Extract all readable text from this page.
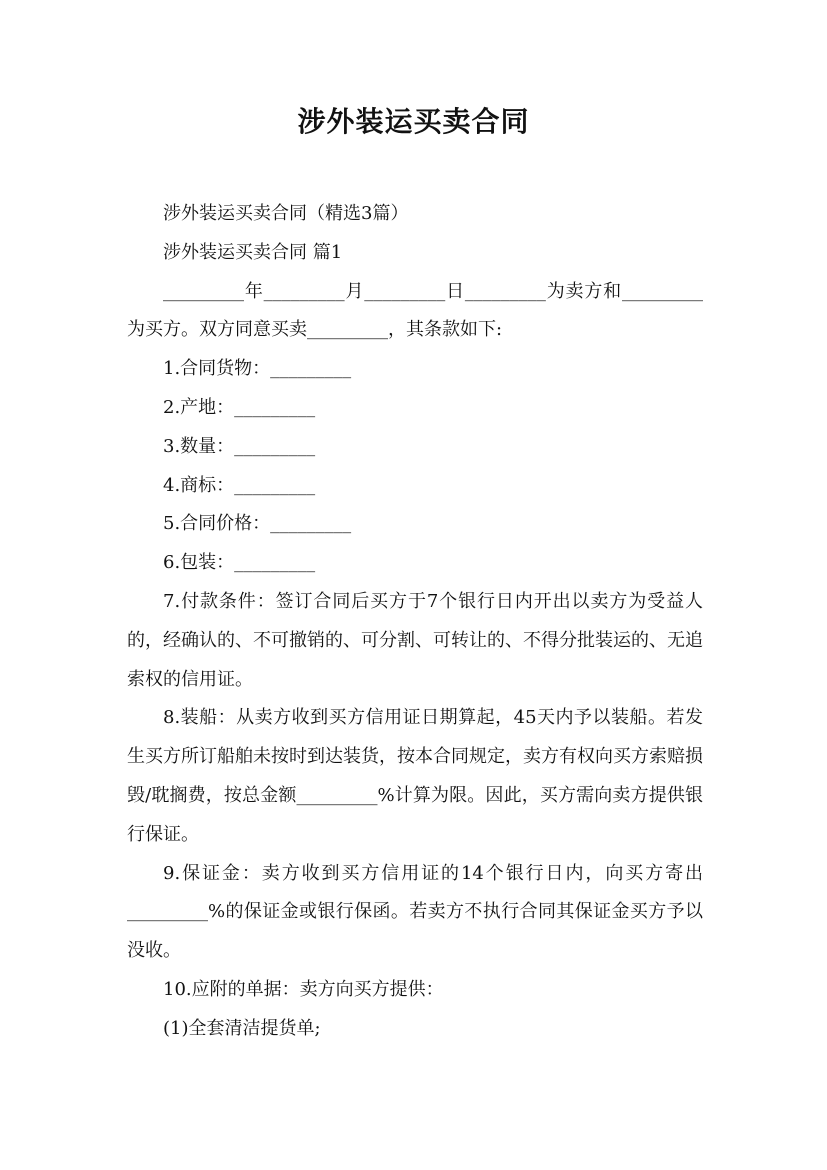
涉外装运买卖合同

涉外装运买卖合同（精选3篇）

涉外装运买卖合同 篇1

_________年_________月_________日_________为卖方和_________为买方。双方同意买卖_________，其条款如下:

1.合同货物：_________

2.产地：_________

3.数量：_________

4.商标：_________

5.合同价格：_________

6.包装：_________

7.付款条件：签订合同后买方于7个银行日内开出以卖方为受益人的，经确认的、不可撤销的、可分割、可转让的、不得分批装运的、无追索权的信用证。

8.装船：从卖方收到买方信用证日期算起，45天内予以装船。若发生买方所订船舶未按时到达装货，按本合同规定，卖方有权向买方索赔损毁/耽搁费，按总金额_________%计算为限。因此，买方需向卖方提供银行保证。

9.保证金：卖方收到买方信用证的14个银行日内，向买方寄出_________%的保证金或银行保函。若卖方不执行合同其保证金买方予以没收。

10.应附的单据：卖方向买方提供：

(1)全套清洁提货单;
